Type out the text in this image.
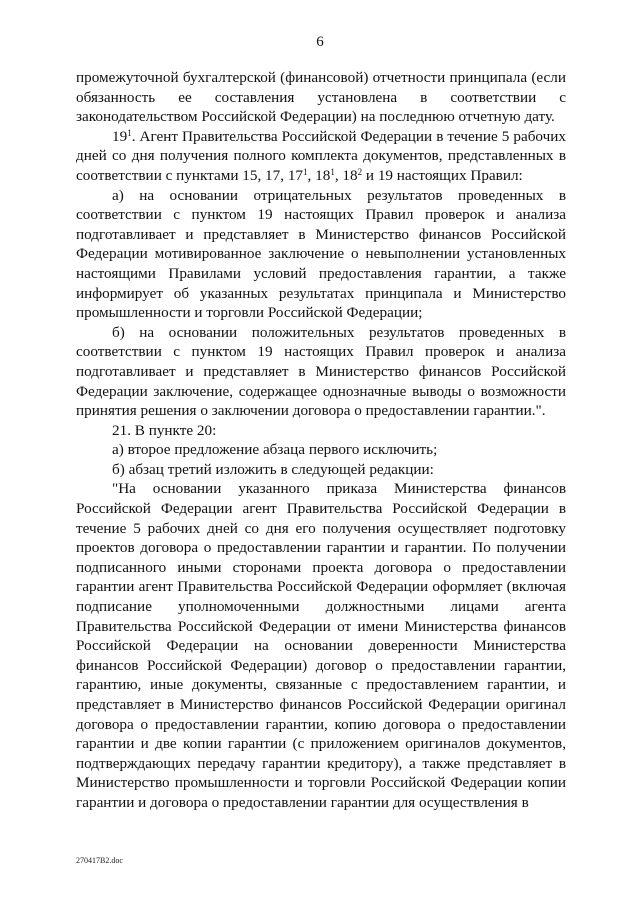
6

промежуточной бухгалтерской (финансовой) отчетности принципала (если обязанность ее составления установлена в соответствии с законодательством Российской Федерации) на последнюю отчетную дату.

$19^1$. Агент Правительства Российской Федерации в течение 5 рабочих дней со дня получения полного комплекта документов, представленных в соответствии с пунктами 15, 17, $17^1$, $18^1$, $18^2$ и 19 настоящих Правил:

а) на основании отрицательных результатов проведенных в соответствии с пунктом 19 настоящих Правил проверок и анализа подготавливает и представляет в Министерство финансов Российской Федерации мотивированное заключение о невыполнении установленных настоящими Правилами условий предоставления гарантии, а также информирует об указанных результатах принципала и Министерство промышленности и торговли Российской Федерации;

б) на основании положительных результатов проведенных в соответствии с пунктом 19 настоящих Правил проверок и анализа подготавливает и представляет в Министерство финансов Российской Федерации заключение, содержащее однозначные выводы о возможности принятия решения о заключении договора о предоставлении гарантии.".

21. В пункте 20:

а) второе предложение абзаца первого исключить;

б) абзац третий изложить в следующей редакции:

"На основании указанного приказа Министерства финансов Российской Федерации агент Правительства Российской Федерации в течение 5 рабочих дней со дня его получения осуществляет подготовку проектов договора о предоставлении гарантии и гарантии. По получении подписанного иными сторонами проекта договора о предоставлении гарантии агент Правительства Российской Федерации оформляет (включая подписание уполномоченными должностными лицами агента Правительства Российской Федерации от имени Министерства финансов Российской Федерации на основании доверенности Министерства финансов Российской Федерации) договор о предоставлении гарантии, гарантию, иные документы, связанные с предоставлением гарантии, и представляет в Министерство финансов Российской Федерации оригинал договора о предоставлении гарантии, копию договора о предоставлении гарантии и две копии гарантии (с приложением оригиналов документов, подтверждающих передачу гарантии кредитору), а также представляет в Министерство промышленности и торговли Российской Федерации копии гарантии и договора о предоставлении гарантии для осуществления в

270417B2.doc
